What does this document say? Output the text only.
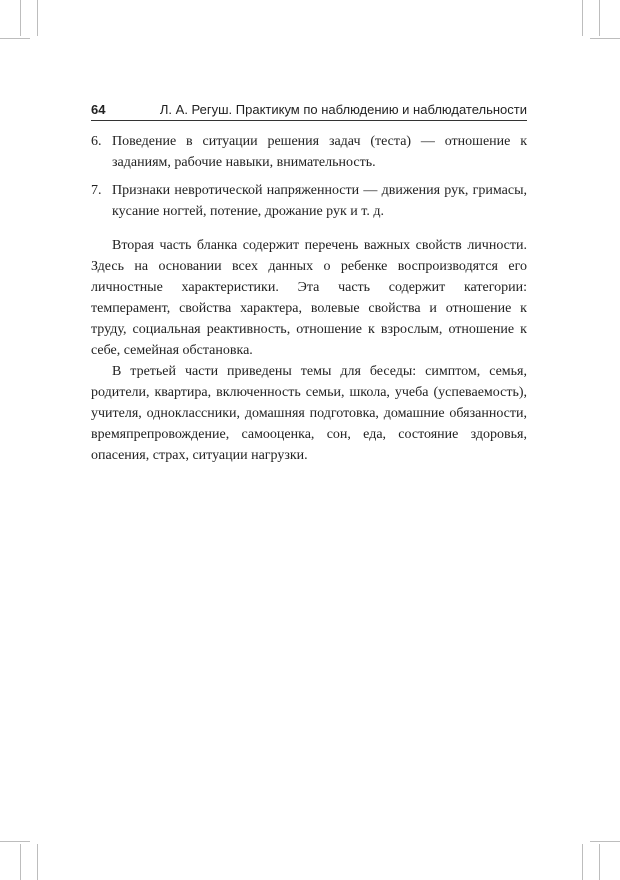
64	Л. А. Регуш. Практикум по наблюдению и наблюдательности
6. Поведение в ситуации решения задач (теста) — отношение к заданиям, рабочие навыки, внимательность.
7. Признаки невротической напряженности — движения рук, гримасы, кусание ногтей, потение, дрожание рук и т. д.

Вторая часть бланка содержит перечень важных свойств личности. Здесь на основании всех данных о ребенке воспроизводятся его личностные характеристики. Эта часть содержит категории: темперамент, свойства характера, волевые свойства и отношение к труду, социальная реактивность, отношение к взрослым, отношение к себе, семейная обстановка.

В третьей части приведены темы для беседы: симптом, семья, родители, квартира, включенность семьи, школа, учеба (успеваемость), учителя, одноклассники, домашняя подготовка, домашние обязанности, времяпрепровождение, самооценка, сон, еда, состояние здоровья, опасения, страх, ситуации нагрузки.
